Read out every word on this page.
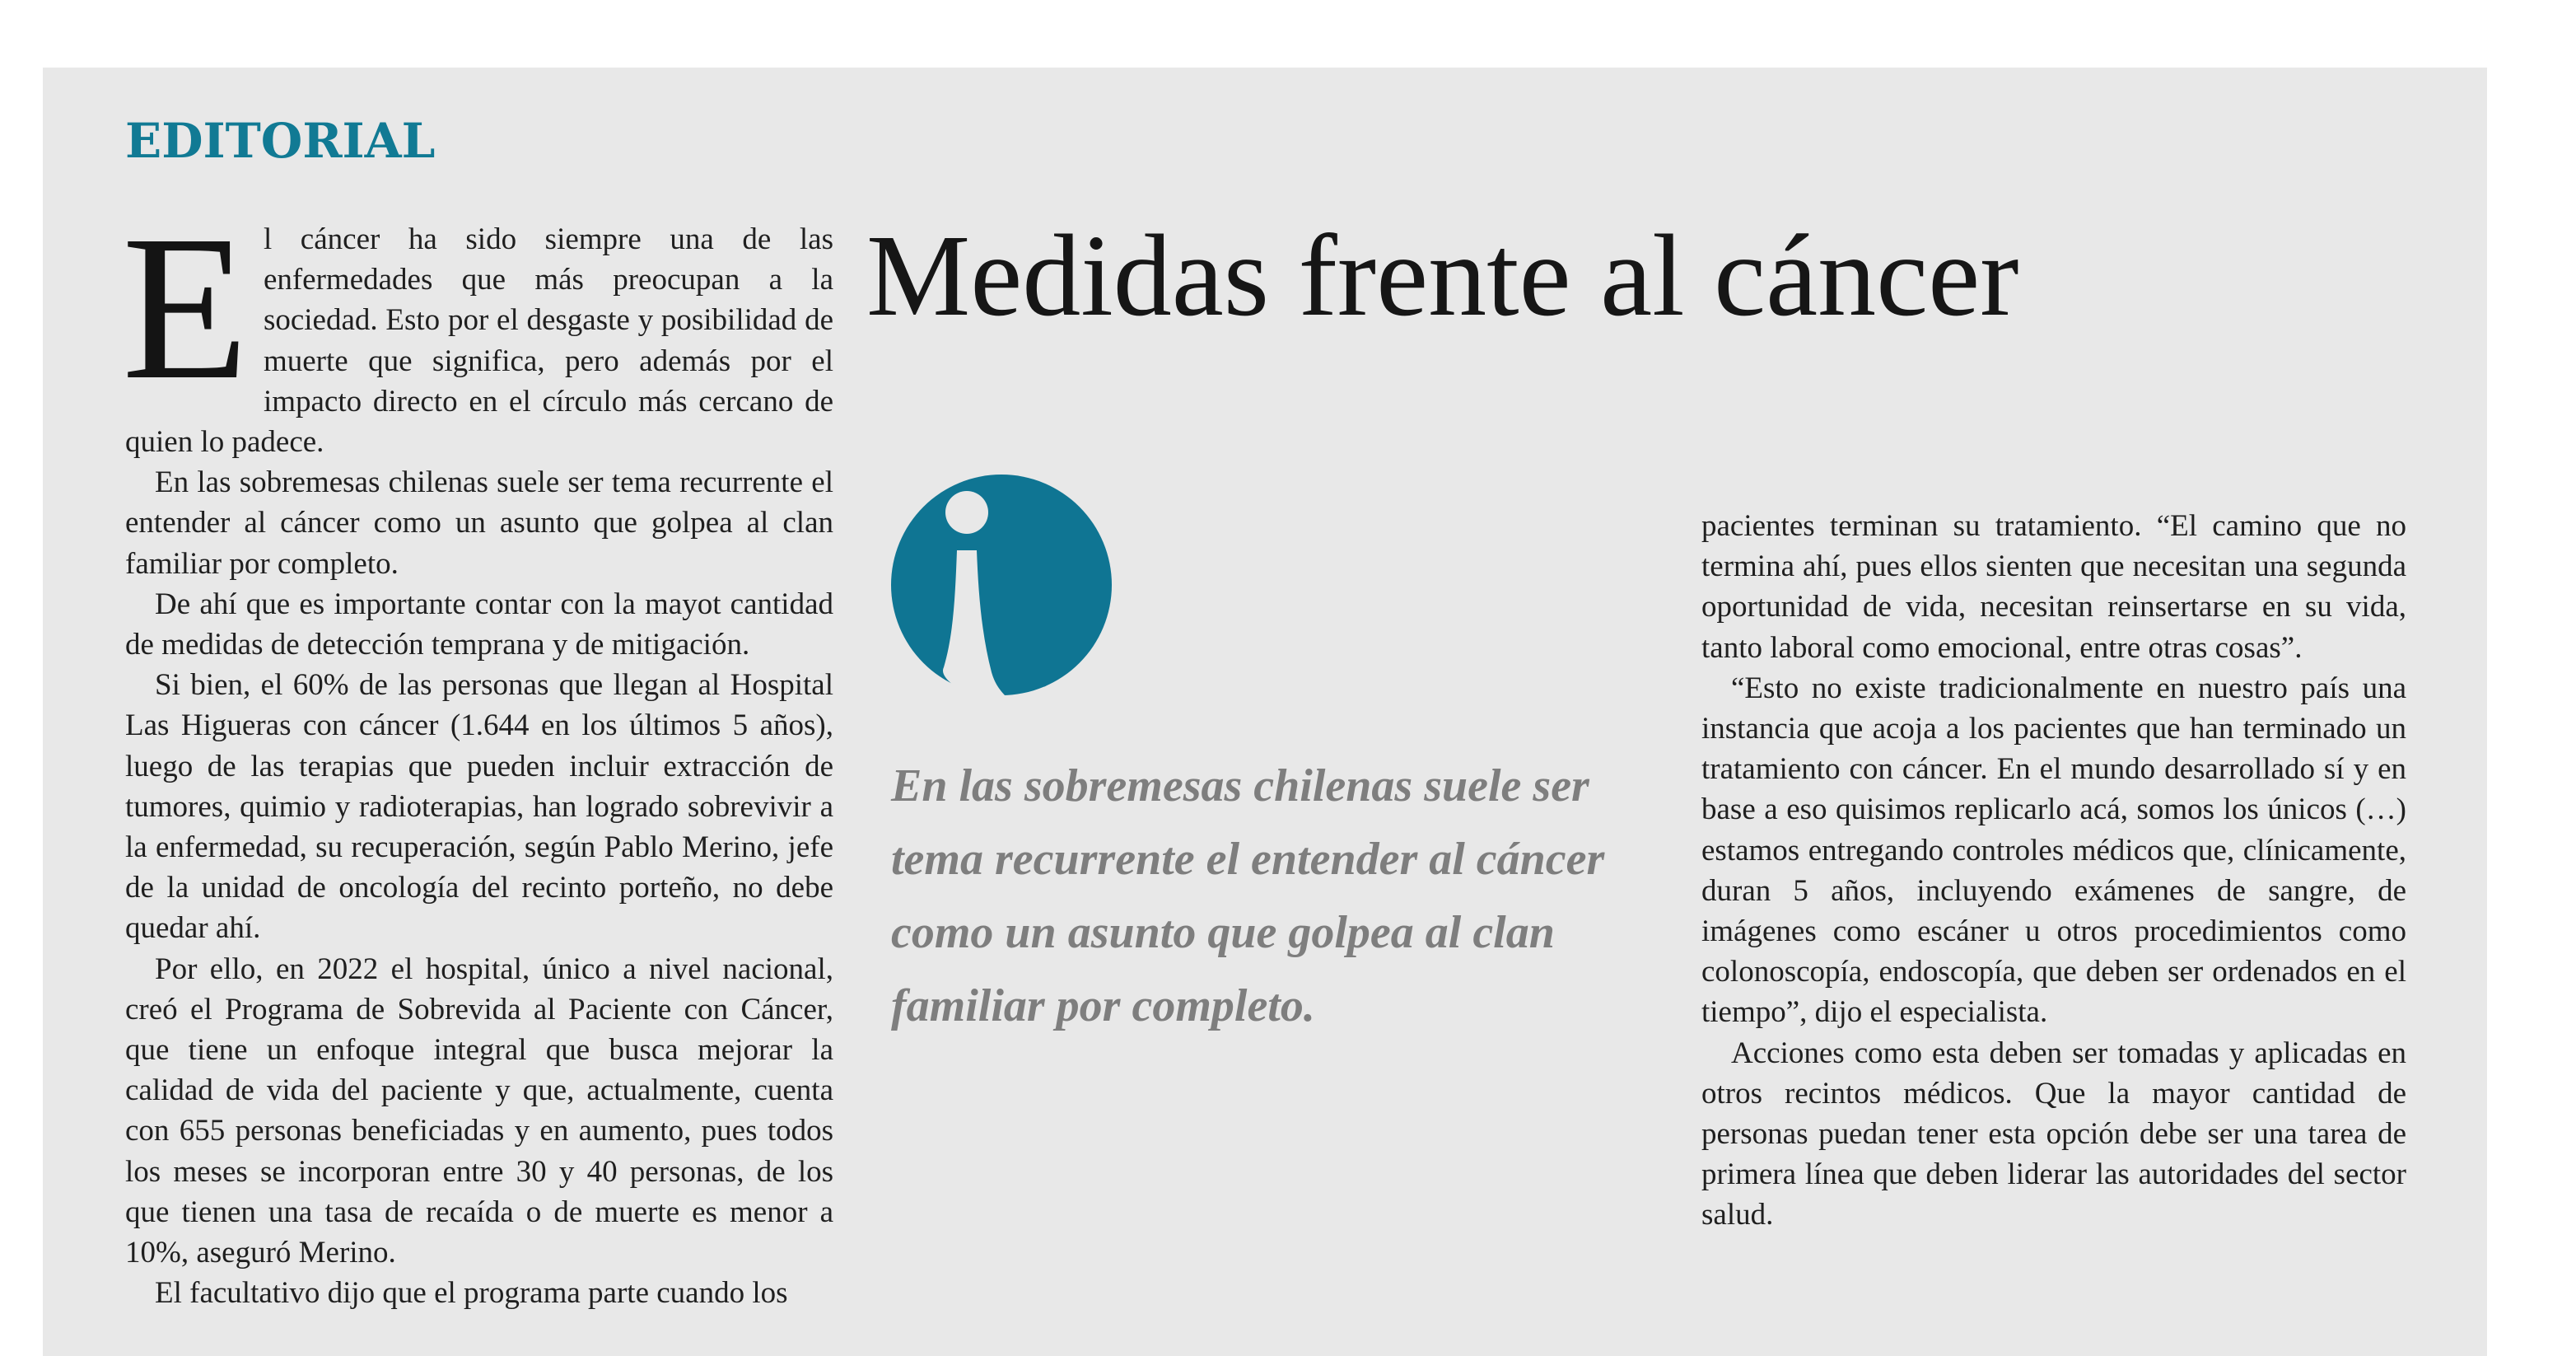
EDITORIAL

El cáncer ha sido siempre una de las enfermedades que más preocupan a la sociedad. Esto por el desgaste y posibilidad de muerte que significa, pero además por el impacto directo en el círculo más cercano de quien lo padece.

En las sobremesas chilenas suele ser tema recurrente el entender al cáncer como un asunto que golpea al clan familiar por completo.

De ahí que es importante contar con la mayot cantidad de medidas de detección temprana y de mitigación.

Si bien, el 60% de las personas que llegan al Hospital Las Higueras con cáncer (1.644 en los últimos 5 años), luego de las terapias que pueden incluir extracción de tumores, quimio y radioterapias, han logrado sobrevivir a la enfermedad, su recuperación, según Pablo Merino, jefe de la unidad de oncología del recinto porteño, no debe quedar ahí.

Por ello, en 2022 el hospital, único a nivel nacional, creó el Programa de Sobrevida al Paciente con Cáncer, que tiene un enfoque integral que busca mejorar la calidad de vida del paciente y que, actualmente, cuenta con 655 personas beneficiadas y en aumento, pues todos los meses se incorporan entre 30 y 40 personas, de los que tienen una tasa de recaída o de muerte es menor a 10%, aseguró Merino.

El facultativo dijo que el programa parte cuando los

Medidas frente al cáncer

En las sobremesas chilenas suele ser tema recurrente el entender al cáncer como un asunto que golpea al clan familiar por completo.

pacientes terminan su tratamiento. “El camino que no termina ahí, pues ellos sienten que necesitan una segunda oportunidad de vida, necesitan reinsertarse en su vida, tanto laboral como emocional, entre otras cosas”.

“Esto no existe tradicionalmente en nuestro país una instancia que acoja a los pacientes que han terminado un tratamiento con cáncer. En el mundo desarrollado sí y en base a eso quisimos replicarlo acá, somos los únicos (…) estamos entregando controles médicos que, clínicamente, duran 5 años, incluyendo exámenes de sangre, de imágenes como escáner u otros procedimientos como colonoscopía, endoscopía, que deben ser ordenados en el tiempo”, dijo el especialista.

Acciones como esta deben ser tomadas y aplicadas en otros recintos médicos. Que la mayor cantidad de personas puedan tener esta opción debe ser una tarea de primera línea que deben liderar las autoridades del sector salud.
